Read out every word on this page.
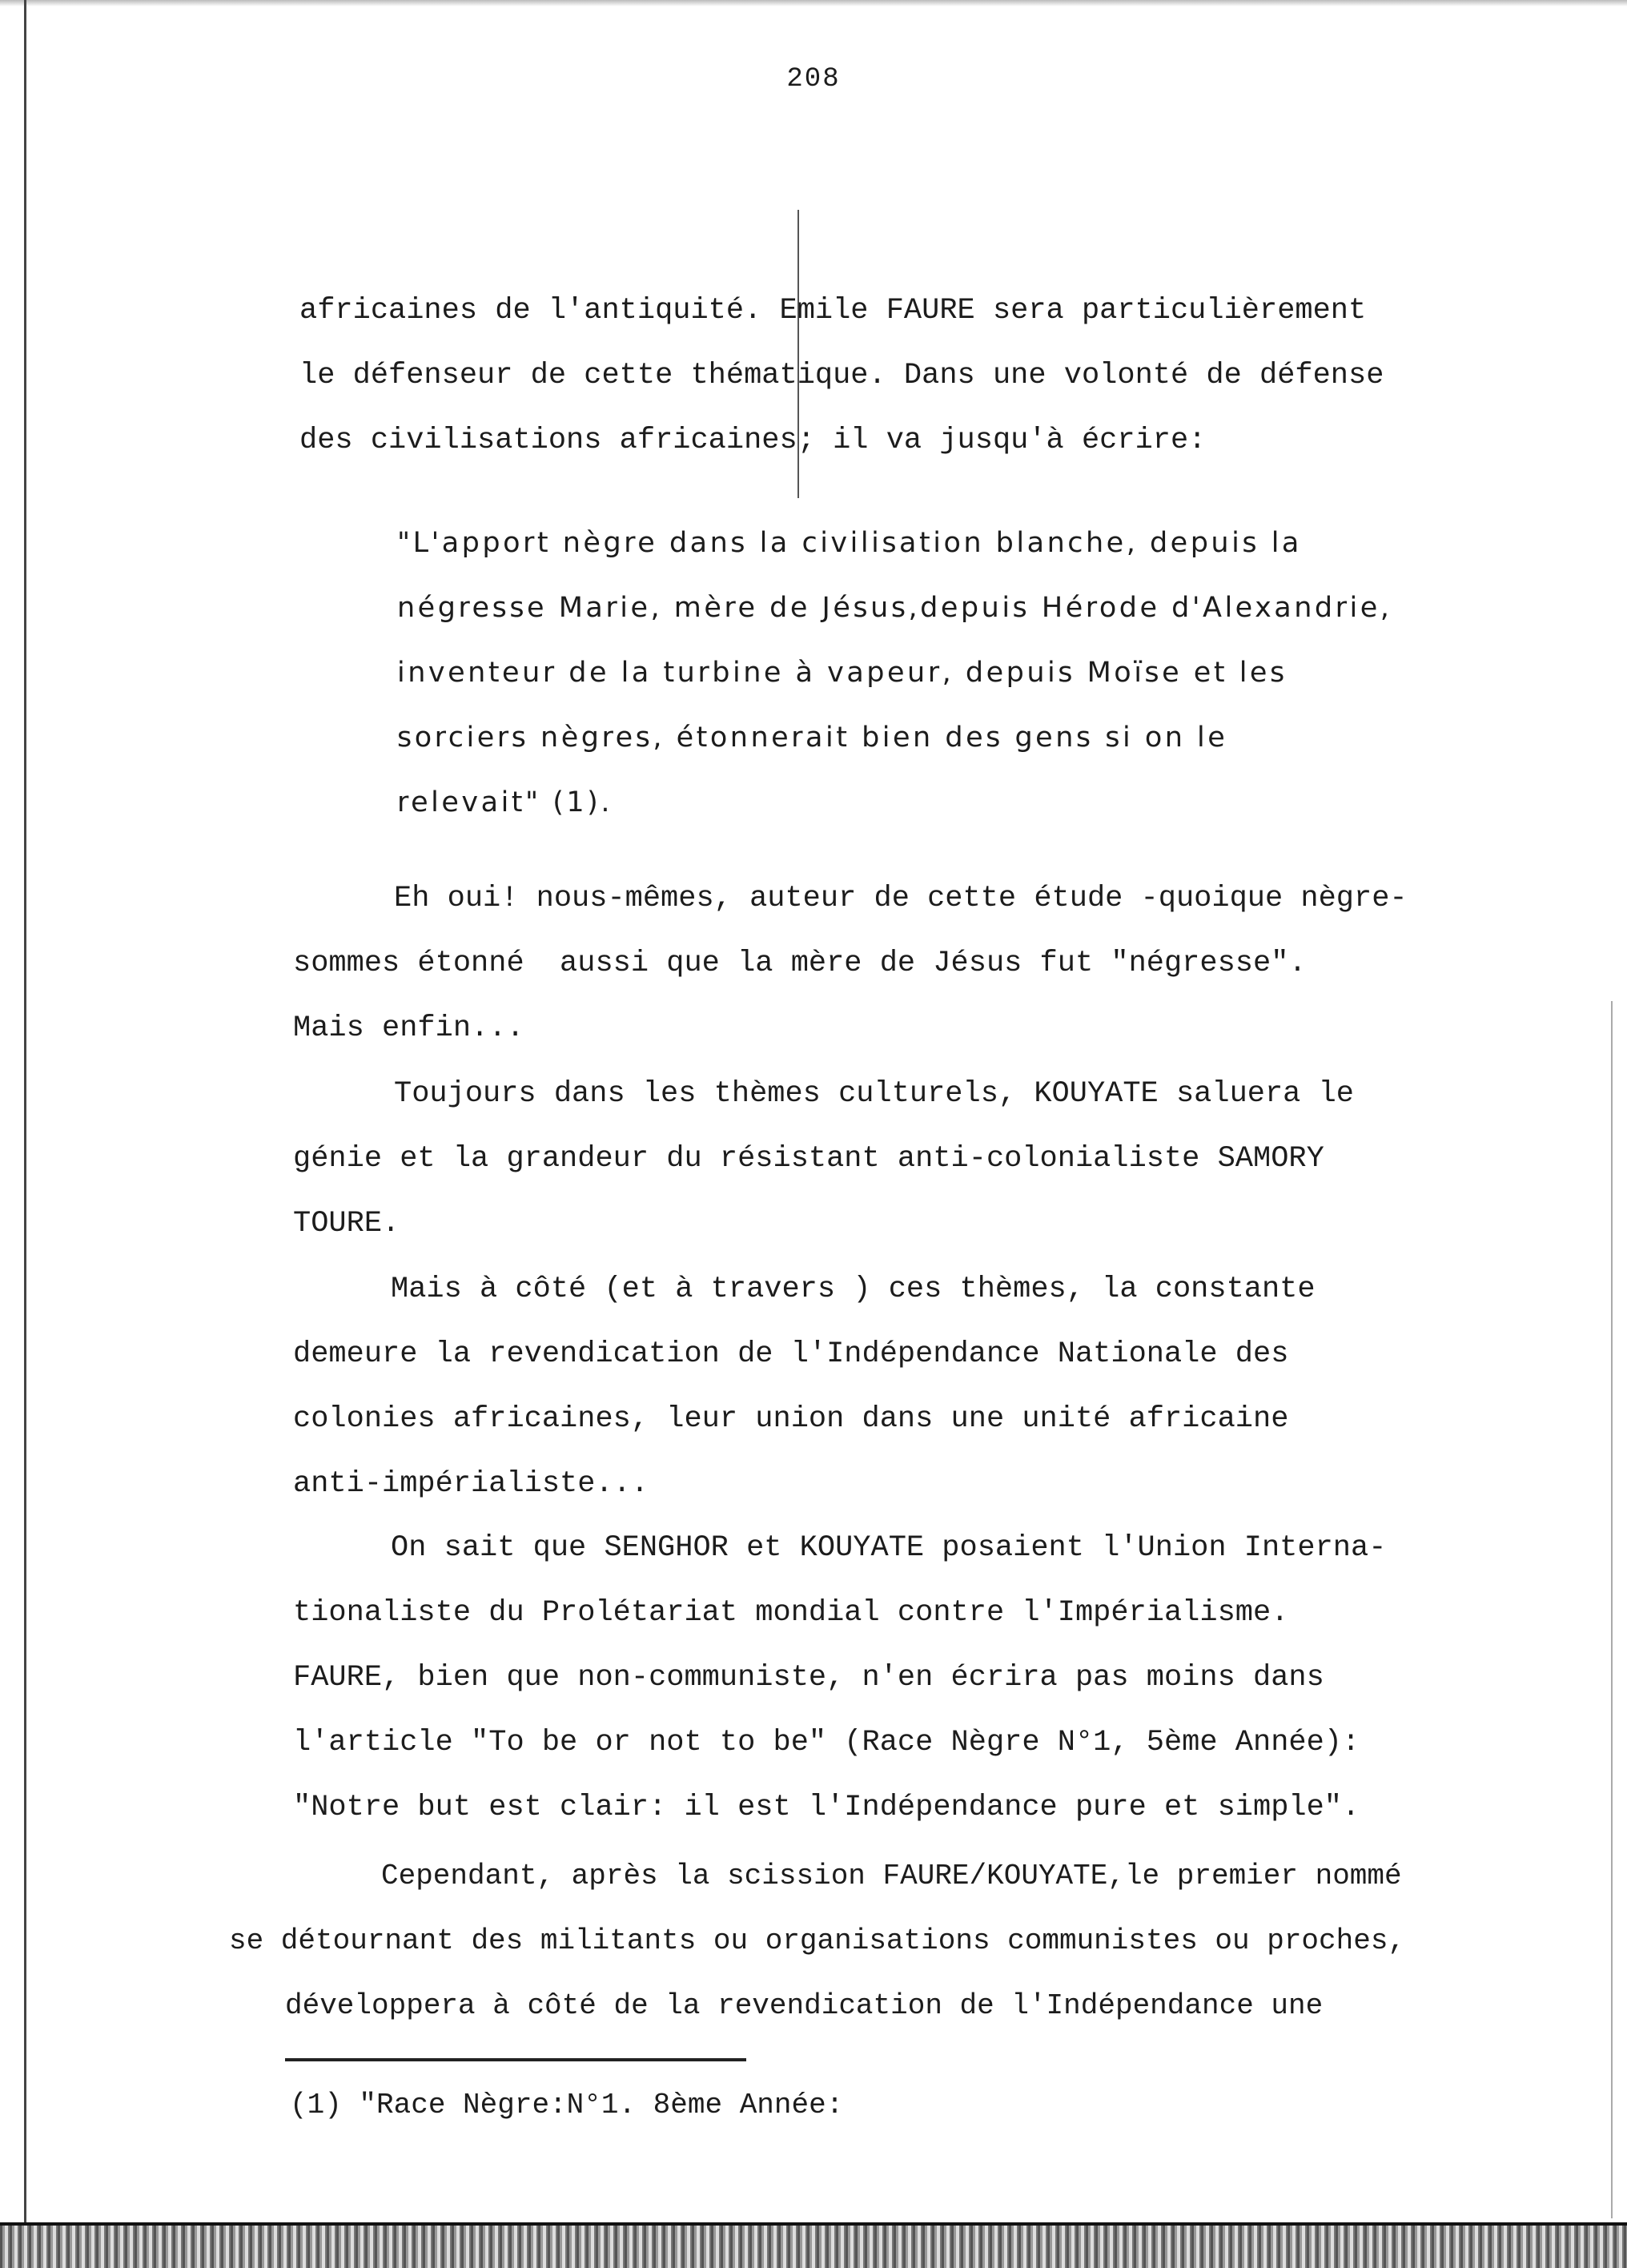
208

africaines de l'antiquité. Emile FAURE sera particulièrement
le défenseur de cette thématique. Dans une volonté de défense
des civilisations africaines; il va jusqu'à écrire:

"L'apport nègre dans la civilisation blanche, depuis la
négresse Marie, mère de Jésus,depuis Hérode d'Alexandrie,
inventeur de la turbine à vapeur, depuis Moïse et les
sorciers nègres, étonnerait bien des gens si on le
relevait" (1).

Eh oui! nous-mêmes, auteur de cette étude -quoique nègre-
sommes étonné  aussi que la mère de Jésus fut "négresse".
Mais enfin...

Toujours dans les thèmes culturels, KOUYATE saluera le
génie et la grandeur du résistant anti-colonialiste SAMORY
TOURE.

Mais à côté (et à travers ) ces thèmes, la constante
demeure la revendication de l'Indépendance Nationale des
colonies africaines, leur union dans une unité africaine
anti-impérialiste...

On sait que SENGHOR et KOUYATE posaient l'Union Interna-
tionaliste du Prolétariat mondial contre l'Impérialisme.
FAURE, bien que non-communiste, n'en écrira pas moins dans
l'article "To be or not to be" (Race Nègre N°1, 5ème Année):
"Notre but est clair: il est l'Indépendance pure et simple".

Cependant, après la scission FAURE/KOUYATE,le premier nommé
se détournant des militants ou organisations communistes ou proches,
développera à côté de la revendication de l'Indépendance une

(1) "Race Nègre:N°1. 8ème Année:
